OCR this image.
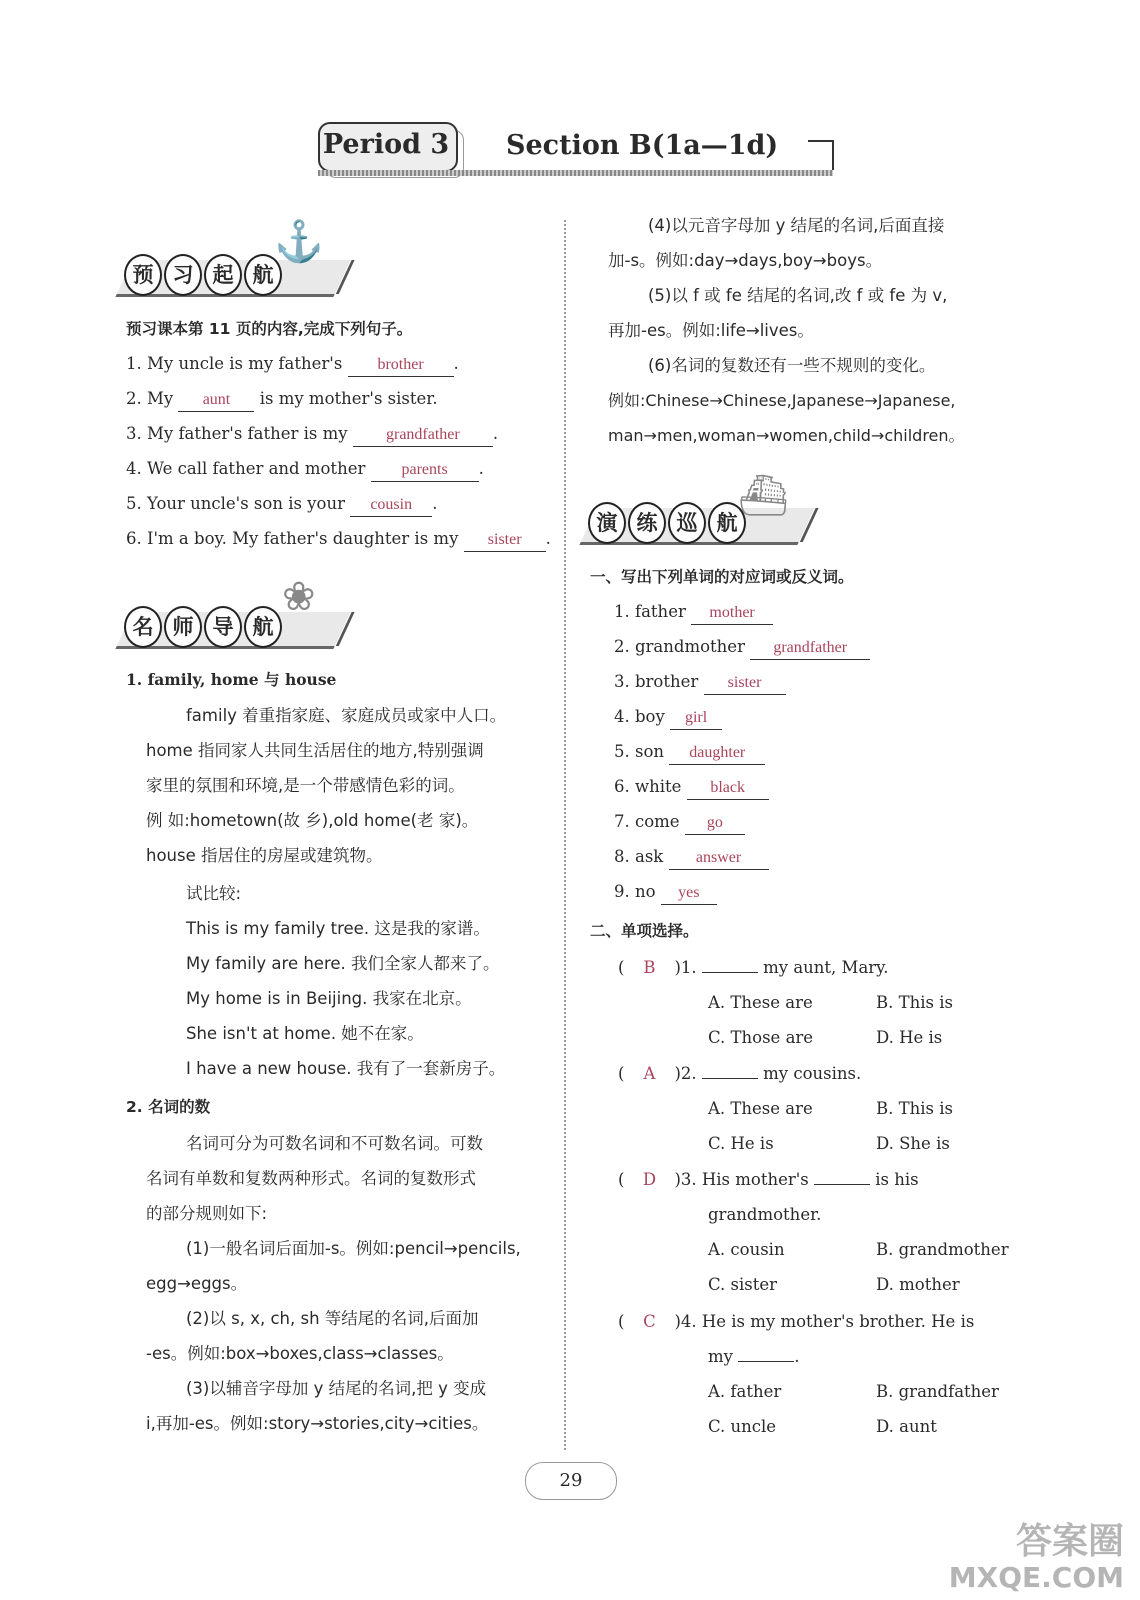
Period 3 Section B(1a—1d)
预 习 起 航
⚓
预习课本第 11 页的内容,完成下列句子。
1. My uncle is my father's brother .
2. My aunt is my mother's sister.
3. My father's father is my grandfather .
4. We call father and mother parents .
5. Your uncle's son is your cousin .
6. I'm a boy. My father's daughter is my sister .
名 师 导 航
❀
1. family, home 与 house
family 着重指家庭、家庭成员或家中人口。
home 指同家人共同生活居住的地方,特别强调
家里的氛围和环境,是一个带感情色彩的词。
例 如:hometown(故 乡),old home(老 家)。
house 指居住的房屋或建筑物。
试比较:
This is my family tree. 这是我的家谱。
My family are here. 我们全家人都来了。
My home is in Beijing. 我家在北京。
She isn't at home. 她不在家。
I have a new house. 我有了一套新房子。
2. 名词的数
名词可分为可数名词和不可数名词。可数
名词有单数和复数两种形式。名词的复数形式
的部分规则如下:
(1)一般名词后面加-s。例如:pencil→pencils,
egg→eggs。
(2)以 s, x, ch, sh 等结尾的名词,后面加
-es。例如:box→boxes,class→classes。
(3)以辅音字母加 y 结尾的名词,把 y 变成
i,再加-es。例如:story→stories,city→cities。
(4)以元音字母加 y 结尾的名词,后面直接
加-s。例如:day→days,boy→boys。
(5)以 f 或 fe 结尾的名词,改 f 或 fe 为 v,
再加-es。例如:life→lives。
(6)名词的复数还有一些不规则的变化。
例如:Chinese→Chinese,Japanese→Japanese,
man→men,woman→women,child→children。
演 练 巡 航
⛴
一、写出下列单词的对应词或反义词。
1. father mother
2. grandmother grandfather
3. brother sister
4. boy girl
5. son daughter
6. white black
7. come go
8. ask answer
9. no yes
二、单项选择。
( B )1.	my aunt, Mary.
A. These are	B. This is
C. Those are	D. He is
( A )2.	my cousins.
A. These are	B. This is
C. He is	D. She is
( D )3. His mother's	is his
grandmother.
A. cousin	B. grandmother
C. sister	D. mother
( C )4. He is my mother's brother. He is
my	.
A. father	B. grandfather
C. uncle	D. aunt
29
答案圈
MXQE.COM
